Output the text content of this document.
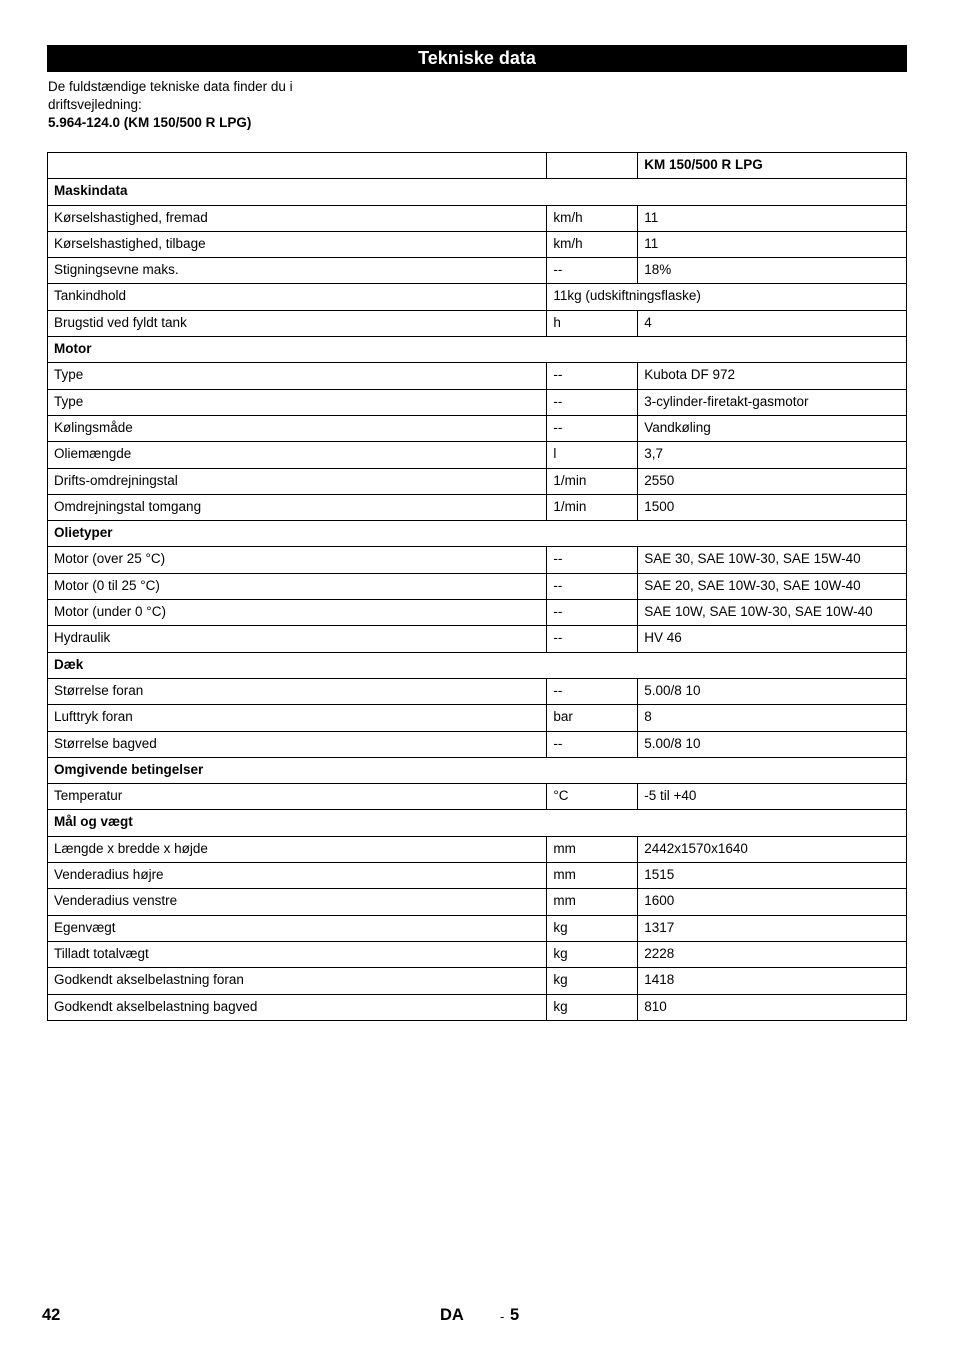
Tekniske data
De fuldstændige tekniske data finder du i
driftsvejledning:
5.964-124.0 (KM 150/500 R LPG)
		KM 150/500 R LPG
Maskindata		
Kørselshastighed, fremad	km/h	11
Kørselshastighed, tilbage	km/h	11
Stigningsevne maks.	--	18%
Tankindhold	11kg (udskiftningsflaske)	
Brugstid ved fyldt tank	h	4
Motor		
Type	--	Kubota DF 972
Type	--	3-cylinder-firetakt-gasmotor
Kølingsmåde	--	Vandkøling
Oliemængde	l	3,7
Drifts-omdrejningstal	1/min	2550
Omdrejningstal tomgang	1/min	1500
Olietyper		
Motor (over 25 °C)	--	SAE 30, SAE 10W-30, SAE 15W-40
Motor (0 til 25 °C)	--	SAE 20, SAE 10W-30, SAE 10W-40
Motor (under 0 °C)	--	SAE 10W, SAE 10W-30, SAE 10W-40
Hydraulik	--	HV 46
Dæk		
Størrelse foran	--	5.00/8 10
Lufttryk foran	bar	8
Størrelse bagved	--	5.00/8 10
Omgivende betingelser		
Temperatur	°C	-5 til +40
Mål og vægt		
Længde x bredde x højde	mm	2442x1570x1640
Venderadius højre	mm	1515
Venderadius venstre	mm	1600
Egenvægt	kg	1317
Tilladt totalvægt	kg	2228
Godkendt akselbelastning foran	kg	1418
Godkendt akselbelastning bagved	kg	810
42	DA	- 5
